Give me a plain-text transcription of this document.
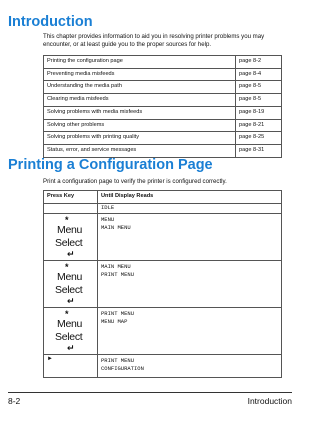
Introduction
This chapter provides information to aid you in resolving printer problems you may encounter, or at least guide you to the proper sources for help.
Printing the configuration page	page 8-2
Preventing media misfeeds	page 8-4
Understanding the media path	page 8-5
Clearing media misfeeds	page 8-5
Solving problems with media misfeeds	page 8-19
Solving other problems	page 8-21
Solving problems with printing quality	page 8-25
Status, error, and service messages	page 8-31
Printing a Configuration Page
Print a configuration page to verify the printer is configured correctly.
Press Key	Until Display Reads
	IDLE

*
Menu
Select
↵	MENU
MAIN MENU

*
Menu
Select
↵	MAIN MENU
PRINT MENU

*
Menu
Select
↵	PRINT MENU
MENU MAP

►	PRINT MENU
CONFIGURATION
8-2	Introduction
